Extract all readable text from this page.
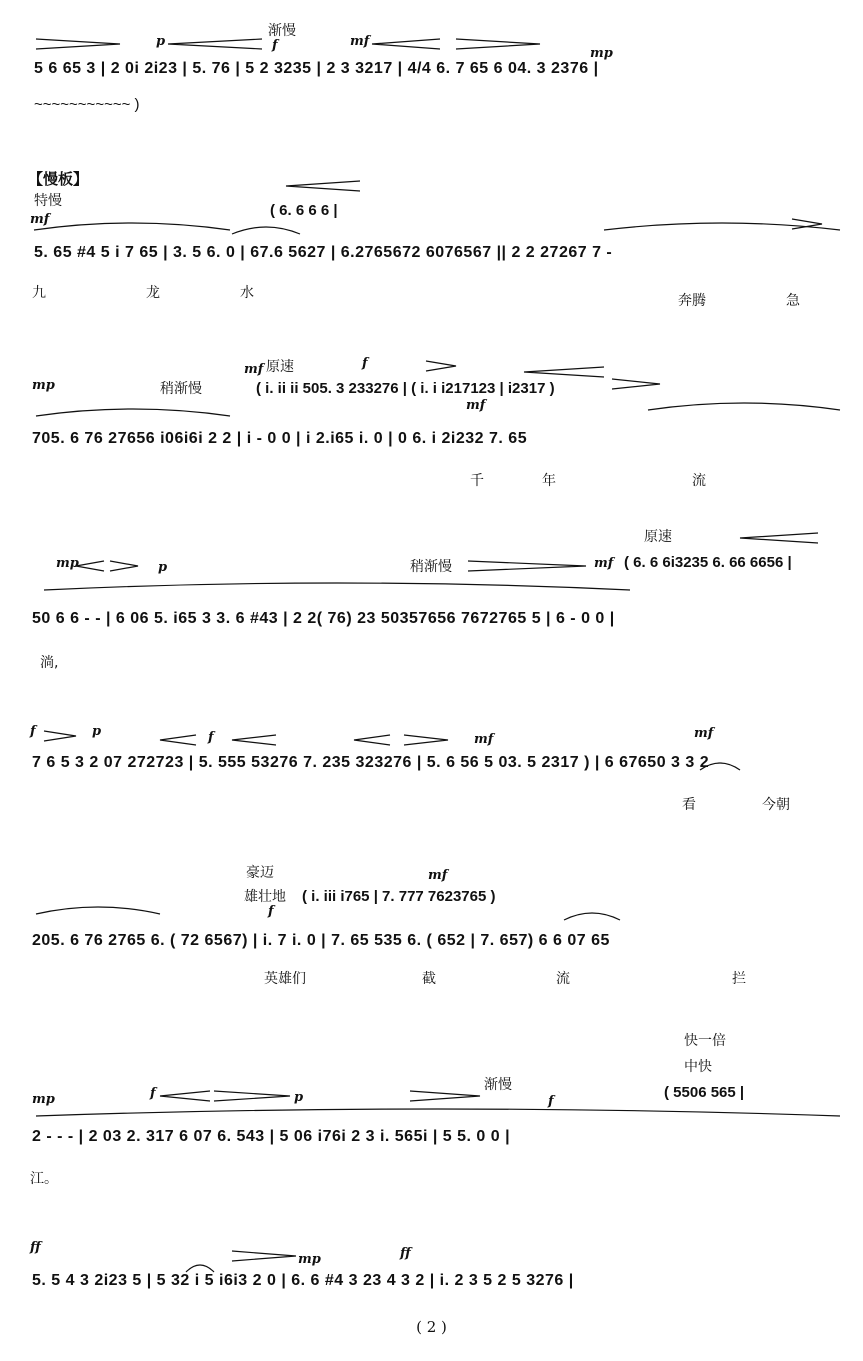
p
渐慢
f	mf
mp
5 6 65 3 | 2 0i 2i23 | 5. 76 | 5 2 3235 | 2 3 3217 | 4/4 6. 7 65 6 04. 3 2376 |
~~~~~~~~~~~ )
【慢板】
特慢
mf
( 6. 6 6 6 |
5. 65 #4 5 i 7 65 | 3. 5 6. 0 | 67.6 5627 | 6.2765672 6076567 || 2 2 27267 7 -
九	龙	水	奔腾	急
mp	稍渐慢
mf 原速	f
mf
( i. ii ii 505. 3 233276 | ( i. i i217123 | i2317 )
705. 6 76 27656 i06i6i 2 2 | i - 0 0 | i 2.i65 i. 0 | 0 6. i 2i232 7. 65
千	年	流
mp	p	稍渐慢	mf
原速
( 6. 6 6i3235 6. 66 6656 |
50 6 6 - - | 6 06 5. i65 3 3. 6 #43 | 2 2( 76) 23 50357656 7672765 5 | 6 - 0 0 |
淌,
f	p	f	mf	mf
7 6 5 3 2 07 272723 | 5. 555 53276 7. 235 323276 | 5. 6 56 5 03. 5 2317 ) | 6 67650 3 3 2
看	今朝
豪迈
雄壮地
mf
f
( i. iii i765 | 7. 777 7623765 )
205. 6 76 2765 6. ( 72 6567) | i. 7 i. 0 | 7. 65 535 6. ( 652 | 7. 657) 6 6 07 65
英雄们	截	流	拦
mp	f	p
渐慢
f
快一倍
中快
( 5506 565 |
2 - - - | 2 03 2. 317 6 07 6. 543 | 5 06 i76i 2 3 i. 565i | 5 5. 0 0 |
江。
ff
mp	ff
5. 5 4 3 2i23 5 | 5 32 i 5 i6i3 2 0 | 6. 6 #4 3 23 4 3 2 | i. 2 3 5 2 5 3276 |
( 2 )
